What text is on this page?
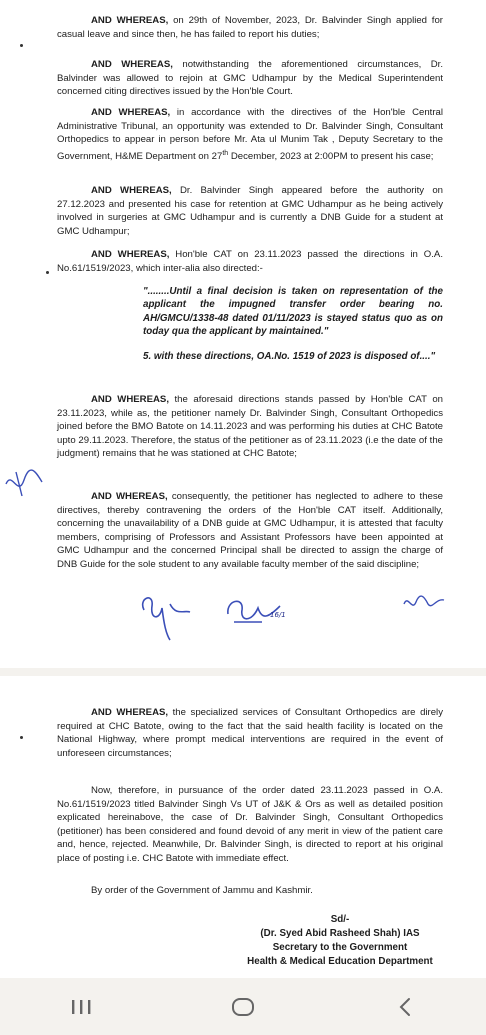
AND WHEREAS, on 29th of November, 2023, Dr. Balvinder Singh applied for casual leave and since then, he has failed to report his duties;

AND WHEREAS, notwithstanding the aforementioned circumstances, Dr. Balvinder was allowed to rejoin at GMC Udhampur by the Medical Superintendent concerned citing directives issued by the Hon'ble Court.

AND WHEREAS, in accordance with the directives of the Hon'ble Central Administrative Tribunal, an opportunity was extended to Dr. Balvinder Singh, Consultant Orthopedics to appear in person before Mr. Ata ul Munim Tak , Deputy Secretary to the Government, H&ME Department on 27th December, 2023 at 2:00PM to present his case;

AND WHEREAS, Dr. Balvinder Singh appeared before the authority on 27.12.2023 and presented his case for retention at GMC Udhampur as he being actively involved in surgeries at GMC Udhampur and is currently a DNB Guide for a student at GMC Udhampur;

AND WHEREAS, Hon'ble CAT on 23.11.2023 passed the directions in O.A. No.61/1519/2023, which inter-alia also directed:-

"........Until a final decision is taken on representation of the applicant the impugned transfer order bearing no. AH/GMCU/1338-48 dated 01/11/2023 is stayed status quo as on today qua the applicant by maintained."

5. with these directions, OA.No. 1519 of 2023 is disposed of...."

AND WHEREAS, the aforesaid directions stands passed by Hon'ble CAT on 23.11.2023, while as, the petitioner namely Dr. Balvinder Singh, Consultant Orthopedics joined before the BMO Batote on 14.11.2023 and was performing his duties at CHC Batote upto 29.11.2023. Therefore, the status of the petitioner as of 23.11.2023 (i.e the date of the judgment) remains that he was stationed at CHC Batote;

AND WHEREAS, consequently, the petitioner has neglected to adhere to these directives, thereby contravening the orders of the Hon'ble CAT itself. Additionally, concerning the unavailability of a DNB guide at GMC Udhampur, it is attested that faculty members, comprising of Professors and Assistant Professors have been appointed at GMC Udhampur and the concerned Principal shall be directed to assign the charge of DNB Guide for the sole student to any available faculty member of the said discipline;

16/1

AND WHEREAS, the specialized services of Consultant Orthopedics are direly required at CHC Batote, owing to the fact that the said health facility is located on the National Highway, where prompt medical interventions are required in the event of unforeseen circumstances;

Now, therefore, in pursuance of the order dated 23.11.2023 passed in O.A. No.61/1519/2023 titled Balvinder Singh Vs UT of J&K & Ors as well as detailed position explicated hereinabove, the case of Dr. Balvinder Singh, Consultant Orthopedics (petitioner) has been considered and found devoid of any merit in view of the patient care and, hence, rejected. Meanwhile, Dr. Balvinder Singh, is directed to report at his original place of posting i.e. CHC Batote with immediate effect.

By order of the Government of Jammu and Kashmir.

Sd/-
(Dr. Syed Abid Rasheed Shah) IAS
Secretary to the Government
Health & Medical Education Department
